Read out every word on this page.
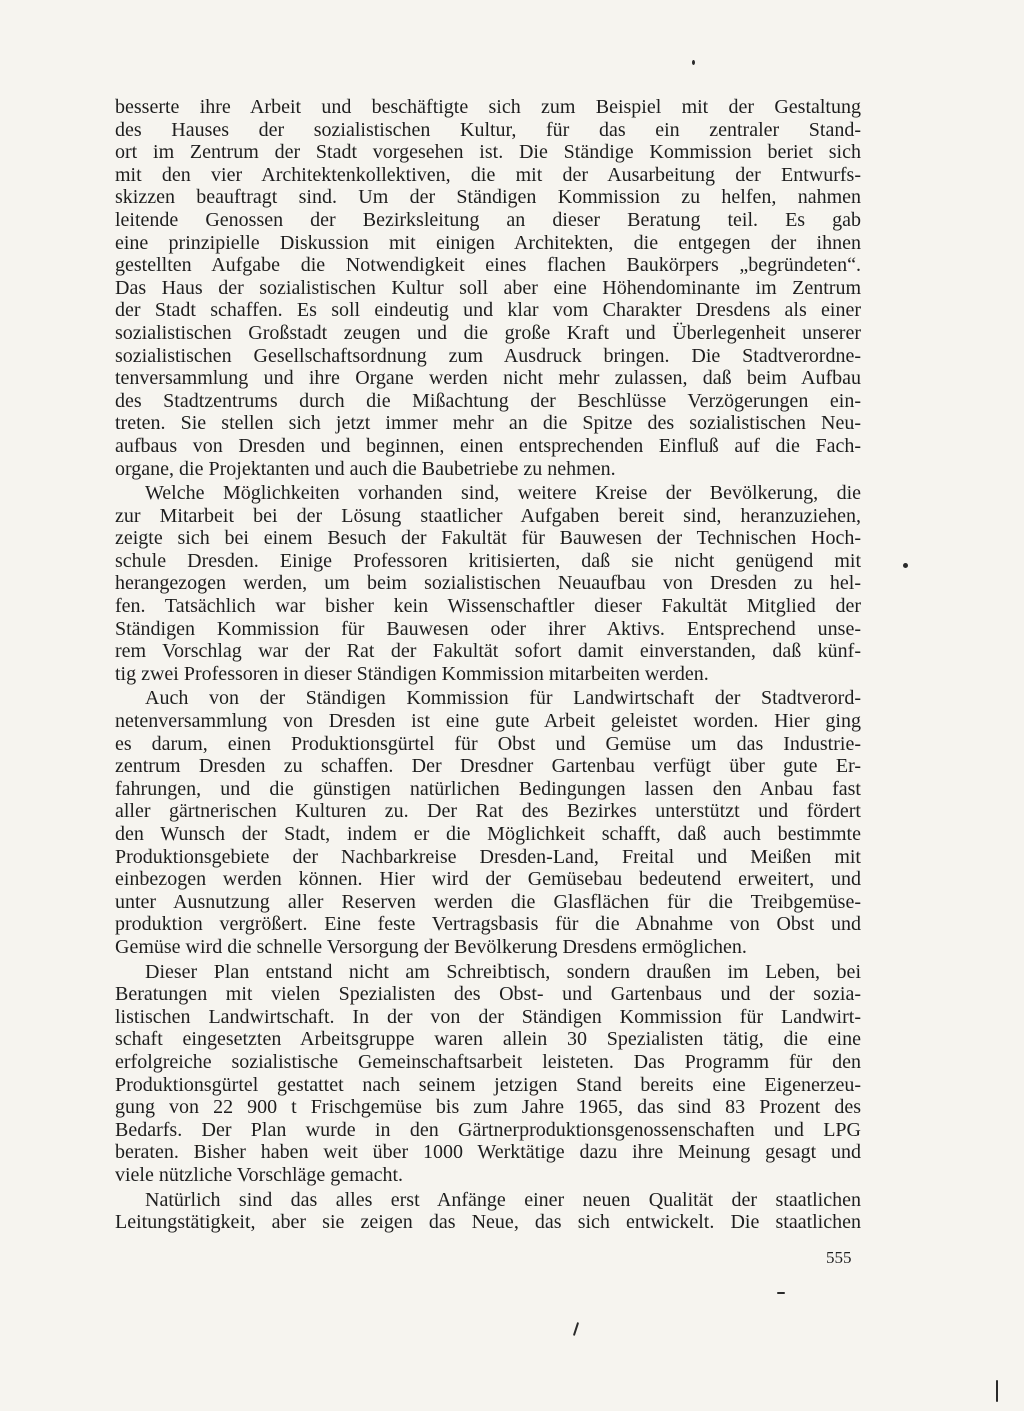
besserte ihre Arbeit und beschäftigte sich zum Beispiel mit der Gestaltung
des Hauses der sozialistischen Kultur, für das ein zentraler Stand-
ort im Zentrum der Stadt vorgesehen ist. Die Ständige Kommission beriet sich
mit den vier Architektenkollektiven, die mit der Ausarbeitung der Entwurfs-
skizzen beauftragt sind. Um der Ständigen Kommission zu helfen, nahmen
leitende Genossen der Bezirksleitung an dieser Beratung teil. Es gab
eine prinzipielle Diskussion mit einigen Architekten, die entgegen der ihnen
gestellten Aufgabe die Notwendigkeit eines flachen Baukörpers „begründeten“.
Das Haus der sozialistischen Kultur soll aber eine Höhendominante im Zentrum
der Stadt schaffen. Es soll eindeutig und klar vom Charakter Dresdens als einer
sozialistischen Großstadt zeugen und die große Kraft und Überlegenheit unserer
sozialistischen Gesellschaftsordnung zum Ausdruck bringen. Die Stadtverordne-
tenversammlung und ihre Organe werden nicht mehr zulassen, daß beim Aufbau
des Stadtzentrums durch die Mißachtung der Beschlüsse Verzögerungen ein-
treten. Sie stellen sich jetzt immer mehr an die Spitze des sozialistischen Neu-
aufbaus von Dresden und beginnen, einen entsprechenden Einfluß auf die Fach-
organe, die Projektanten und auch die Baubetriebe zu nehmen.
Welche Möglichkeiten vorhanden sind, weitere Kreise der Bevölkerung, die
zur Mitarbeit bei der Lösung staatlicher Aufgaben bereit sind, heranzuziehen,
zeigte sich bei einem Besuch der Fakultät für Bauwesen der Technischen Hoch-
schule Dresden. Einige Professoren kritisierten, daß sie nicht genügend mit
herangezogen werden, um beim sozialistischen Neuaufbau von Dresden zu hel-
fen. Tatsächlich war bisher kein Wissenschaftler dieser Fakultät Mitglied der
Ständigen Kommission für Bauwesen oder ihrer Aktivs. Entsprechend unse-
rem Vorschlag war der Rat der Fakultät sofort damit einverstanden, daß künf-
tig zwei Professoren in dieser Ständigen Kommission mitarbeiten werden.
Auch von der Ständigen Kommission für Landwirtschaft der Stadtverord-
netenversammlung von Dresden ist eine gute Arbeit geleistet worden. Hier ging
es darum, einen Produktionsgürtel für Obst und Gemüse um das Industrie-
zentrum Dresden zu schaffen. Der Dresdner Gartenbau verfügt über gute Er-
fahrungen, und die günstigen natürlichen Bedingungen lassen den Anbau fast
aller gärtnerischen Kulturen zu. Der Rat des Bezirkes unterstützt und fördert
den Wunsch der Stadt, indem er die Möglichkeit schafft, daß auch bestimmte
Produktionsgebiete der Nachbarkreise Dresden-Land, Freital und Meißen mit
einbezogen werden können. Hier wird der Gemüsebau bedeutend erweitert, und
unter Ausnutzung aller Reserven werden die Glasflächen für die Treibgemüse-
produktion vergrößert. Eine feste Vertragsbasis für die Abnahme von Obst und
Gemüse wird die schnelle Versorgung der Bevölkerung Dresdens ermöglichen.
Dieser Plan entstand nicht am Schreibtisch, sondern draußen im Leben, bei
Beratungen mit vielen Spezialisten des Obst- und Gartenbaus und der sozia-
listischen Landwirtschaft. In der von der Ständigen Kommission für Landwirt-
schaft eingesetzten Arbeitsgruppe waren allein 30 Spezialisten tätig, die eine
erfolgreiche sozialistische Gemeinschaftsarbeit leisteten. Das Programm für den
Produktionsgürtel gestattet nach seinem jetzigen Stand bereits eine Eigenerzeu-
gung von 22 900 t Frischgemüse bis zum Jahre 1965, das sind 83 Prozent des
Bedarfs. Der Plan wurde in den Gärtnerproduktionsgenossenschaften und LPG
beraten. Bisher haben weit über 1000 Werktätige dazu ihre Meinung gesagt und
viele nützliche Vorschläge gemacht.
Natürlich sind das alles erst Anfänge einer neuen Qualität der staatlichen
Leitungstätigkeit, aber sie zeigen das Neue, das sich entwickelt. Die staatlichen
555
